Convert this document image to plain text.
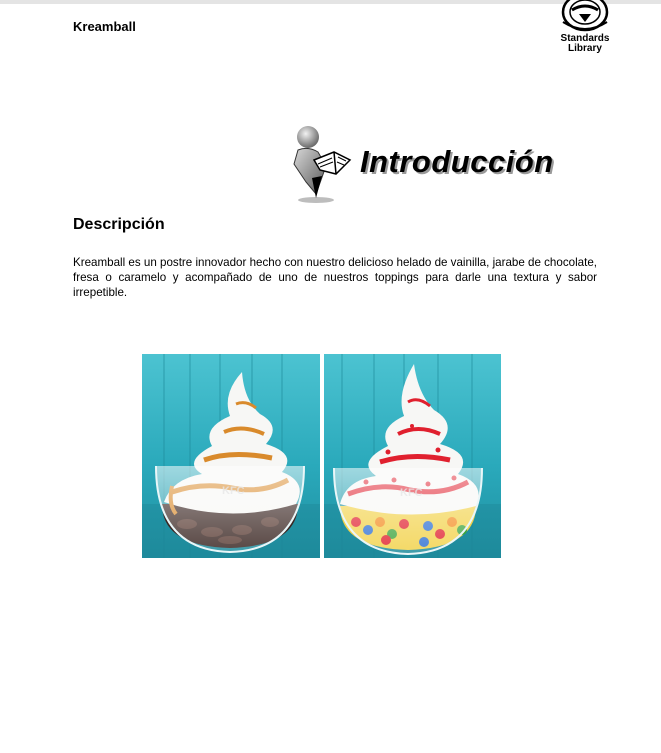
Kreamball
Standards
Library
Introducción
Descripción
Kreamball es un postre innovador hecho con nuestro delicioso helado de vainilla, jarabe de chocolate, fresa o caramelo y acompañado de uno de nuestros toppings para darle una textura y sabor irrepetible.
KFC	KFC
